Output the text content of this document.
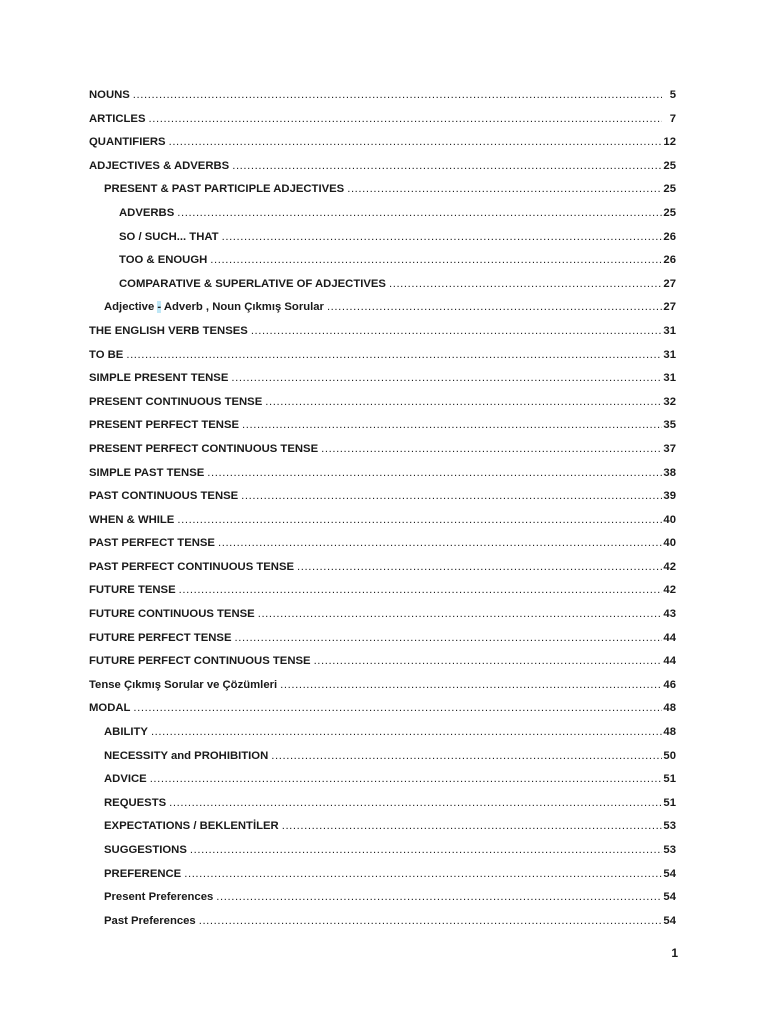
NOUNS .....	5
ARTICLES .....	7
QUANTIFIERS .....	12
ADJECTIVES & ADVERBS .....	25
PRESENT & PAST PARTICIPLE ADJECTIVES .....	25
ADVERBS .....	25
SO / SUCH... THAT .....	26
TOO & ENOUGH .....	26
COMPARATIVE & SUPERLATIVE OF ADJECTIVES .....	27
Adjective - Adverb , Noun Çıkmış Sorular .....	27
THE ENGLISH VERB TENSES .....	31
TO BE .....	31
SIMPLE PRESENT TENSE .....	31
PRESENT CONTINUOUS TENSE .....	32
PRESENT PERFECT TENSE .....	35
PRESENT PERFECT CONTINUOUS TENSE .....	37
SIMPLE PAST TENSE .....	38
PAST CONTINUOUS TENSE .....	39
WHEN & WHILE .....	40
PAST PERFECT TENSE .....	40
PAST PERFECT CONTINUOUS TENSE .....	42
FUTURE TENSE .....	42
FUTURE CONTINUOUS TENSE .....	43
FUTURE PERFECT TENSE .....	44
FUTURE PERFECT CONTINUOUS TENSE .....	44
Tense Çıkmış Sorular ve Çözümleri .....	46
MODAL .....	48
ABILITY .....	48
NECESSITY and PROHIBITION .....	50
ADVICE .....	51
REQUESTS .....	51
EXPECTATIONS / BEKLENTİLER .....	53
SUGGESTIONS .....	53
PREFERENCE .....	54
Present Preferences .....	54
Past Preferences .....	54
1
